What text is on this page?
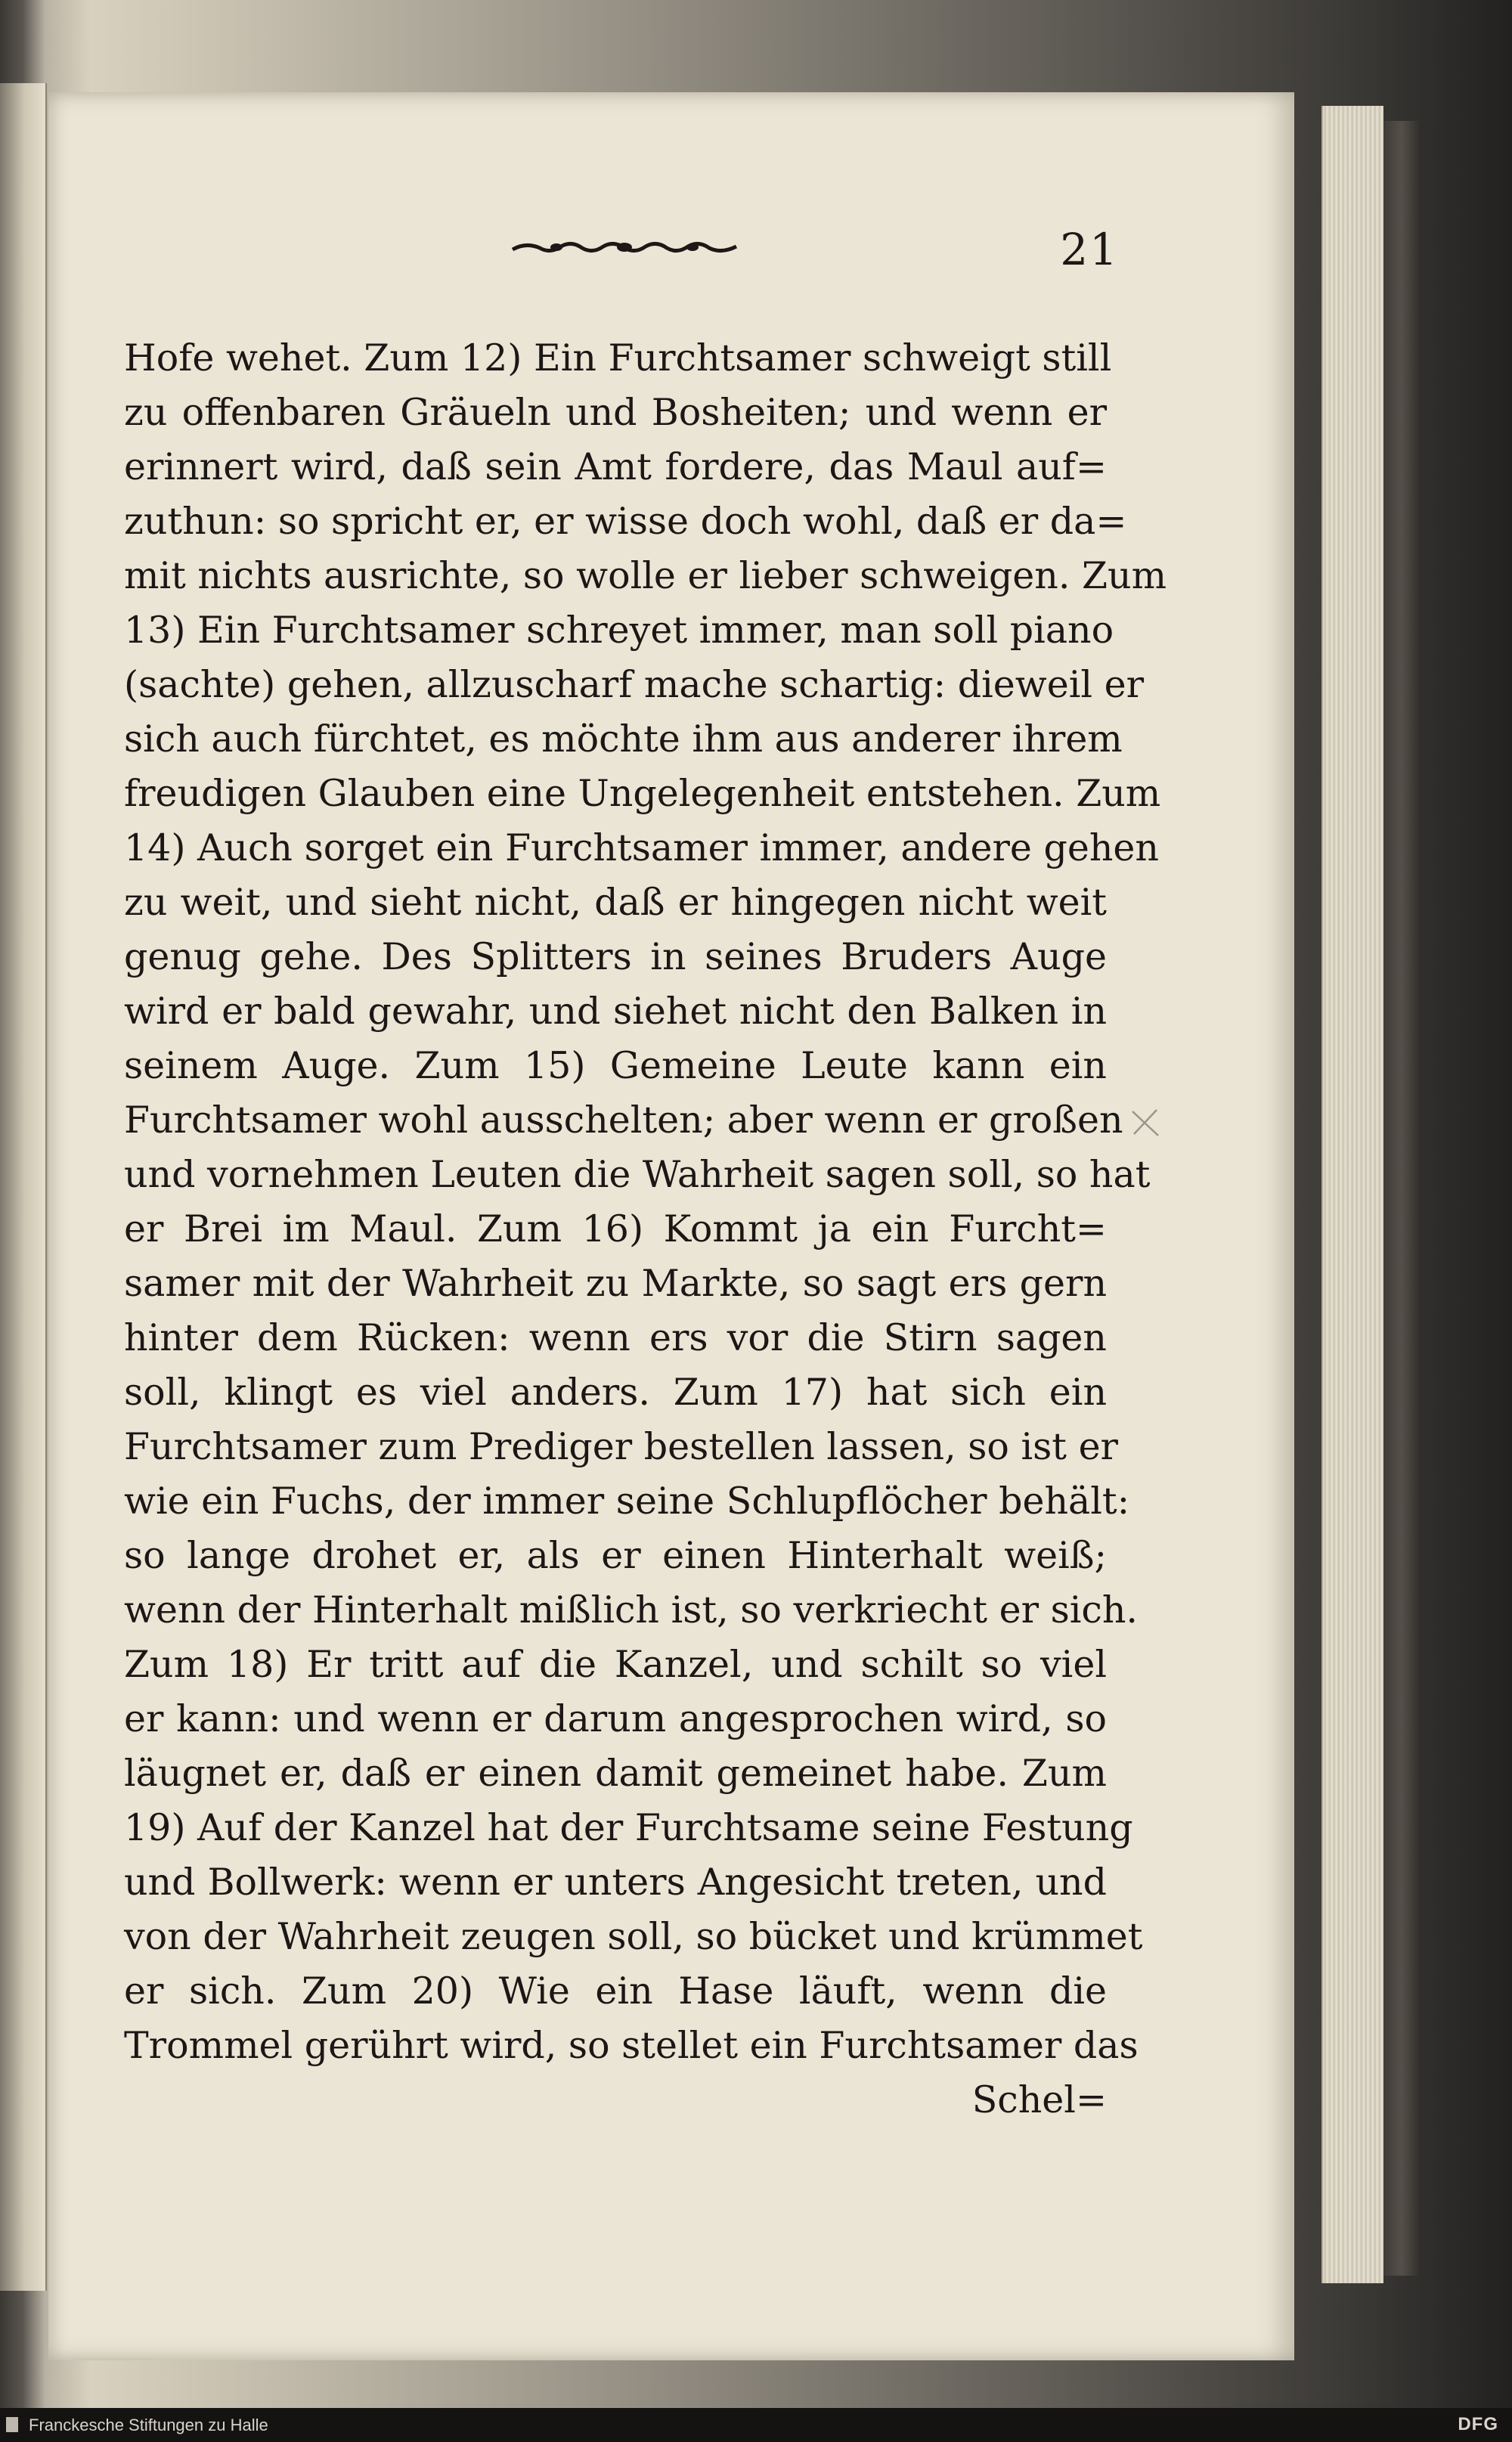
21
Hofe wehet. Zum 12) Ein Furchtsamer schweigt still
zu offenbaren Gräueln und Bosheiten; und wenn er
erinnert wird, daß sein Amt fordere, das Maul auf=
zuthun: so spricht er, er wisse doch wohl, daß er da=
mit nichts ausrichte, so wolle er lieber schweigen. Zum
13) Ein Furchtsamer schreyet immer, man soll piano
(sachte) gehen, allzuscharf mache schartig: dieweil er
sich auch fürchtet, es möchte ihm aus anderer ihrem
freudigen Glauben eine Ungelegenheit entstehen. Zum
14) Auch sorget ein Furchtsamer immer, andere gehen
zu weit, und sieht nicht, daß er hingegen nicht weit
genug gehe. Des Splitters in seines Bruders Auge
wird er bald gewahr, und siehet nicht den Balken in
seinem Auge. Zum 15) Gemeine Leute kann ein
Furchtsamer wohl ausschelten; aber wenn er großen
und vornehmen Leuten die Wahrheit sagen soll, so hat
er Brei im Maul. Zum 16) Kommt ja ein Furcht=
samer mit der Wahrheit zu Markte, so sagt ers gern
hinter dem Rücken: wenn ers vor die Stirn sagen
soll, klingt es viel anders. Zum 17) hat sich ein
Furchtsamer zum Prediger bestellen lassen, so ist er
wie ein Fuchs, der immer seine Schlupflöcher behält:
so lange drohet er, als er einen Hinterhalt weiß;
wenn der Hinterhalt mißlich ist, so verkriecht er sich.
Zum 18) Er tritt auf die Kanzel, und schilt so viel
er kann: und wenn er darum angesprochen wird, so
läugnet er, daß er einen damit gemeinet habe. Zum
19) Auf der Kanzel hat der Furchtsame seine Festung
und Bollwerk: wenn er unters Angesicht treten, und
von der Wahrheit zeugen soll, so bücket und krümmet
er sich. Zum 20) Wie ein Hase läuft, wenn die
Trommel gerührt wird, so stellet ein Furchtsamer das
Schel=
Franckesche Stiftungen zu Halle	DFG
